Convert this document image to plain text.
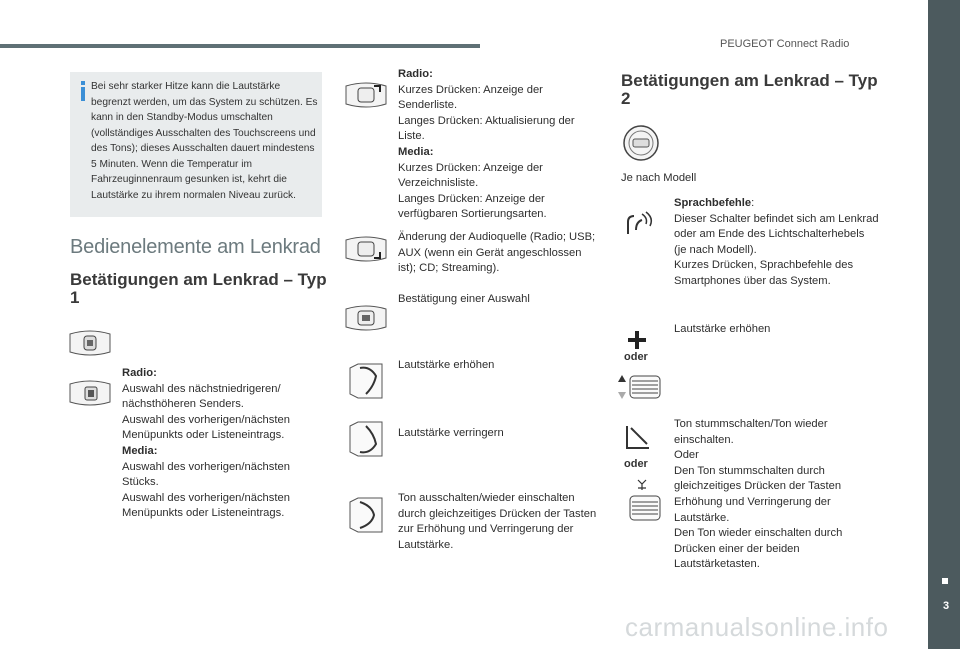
PEUGEOT Connect Radio

Bei sehr starker Hitze kann die Lautstärke begrenzt werden, um das System zu schützen. Es kann in den Standby-Modus umschalten (vollständiges Ausschalten des Touchscreens und des Tons); dieses Ausschalten dauert mindestens 5 Minuten. Wenn die Temperatur im Fahrzeuginnenraum gesunken ist, kehrt die Lautstärke zu ihrem normalen Niveau zurück.

Bedienelemente am Lenkrad
Betätigungen am Lenkrad – Typ 1
Radio:
Auswahl des nächstniedrigeren/ nächsthöheren Senders.
Auswahl des vorherigen/nächsten Menüpunkts oder Listeneintrags.
Media:
Auswahl des vorherigen/nächsten Stücks.
Auswahl des vorherigen/nächsten Menüpunkts oder Listeneintrags.
Radio:
Kurzes Drücken: Anzeige der Senderliste.
Langes Drücken: Aktualisierung der Liste.
Media:
Kurzes Drücken: Anzeige der Verzeichnisliste.
Langes Drücken: Anzeige der verfügbaren Sortierungsarten.
Änderung der Audioquelle (Radio; USB; AUX (wenn ein Gerät angeschlossen ist); CD; Streaming).
Bestätigung einer Auswahl
Lautstärke erhöhen
Lautstärke verringern
Ton ausschalten/wieder einschalten durch gleichzeitiges Drücken der Tasten zur Erhöhung und Verringerung der Lautstärke.
Betätigungen am Lenkrad – Typ 2
Je nach Modell
Sprachbefehle:
Dieser Schalter befindet sich am Lenkrad oder am Ende des Lichtschalterhebels (je nach Modell).
Kurzes Drücken, Sprachbefehle des Smartphones über das System.
oder
Lautstärke erhöhen
oder
Ton stummschalten/Ton wieder einschalten.
Oder
Den Ton stummschalten durch gleichzeitiges Drücken der Tasten Erhöhung und Verringerung der Lautstärke.
Den Ton wieder einschalten durch Drücken einer der beiden Lautstärketasten.
3
carmanualsonline.info
